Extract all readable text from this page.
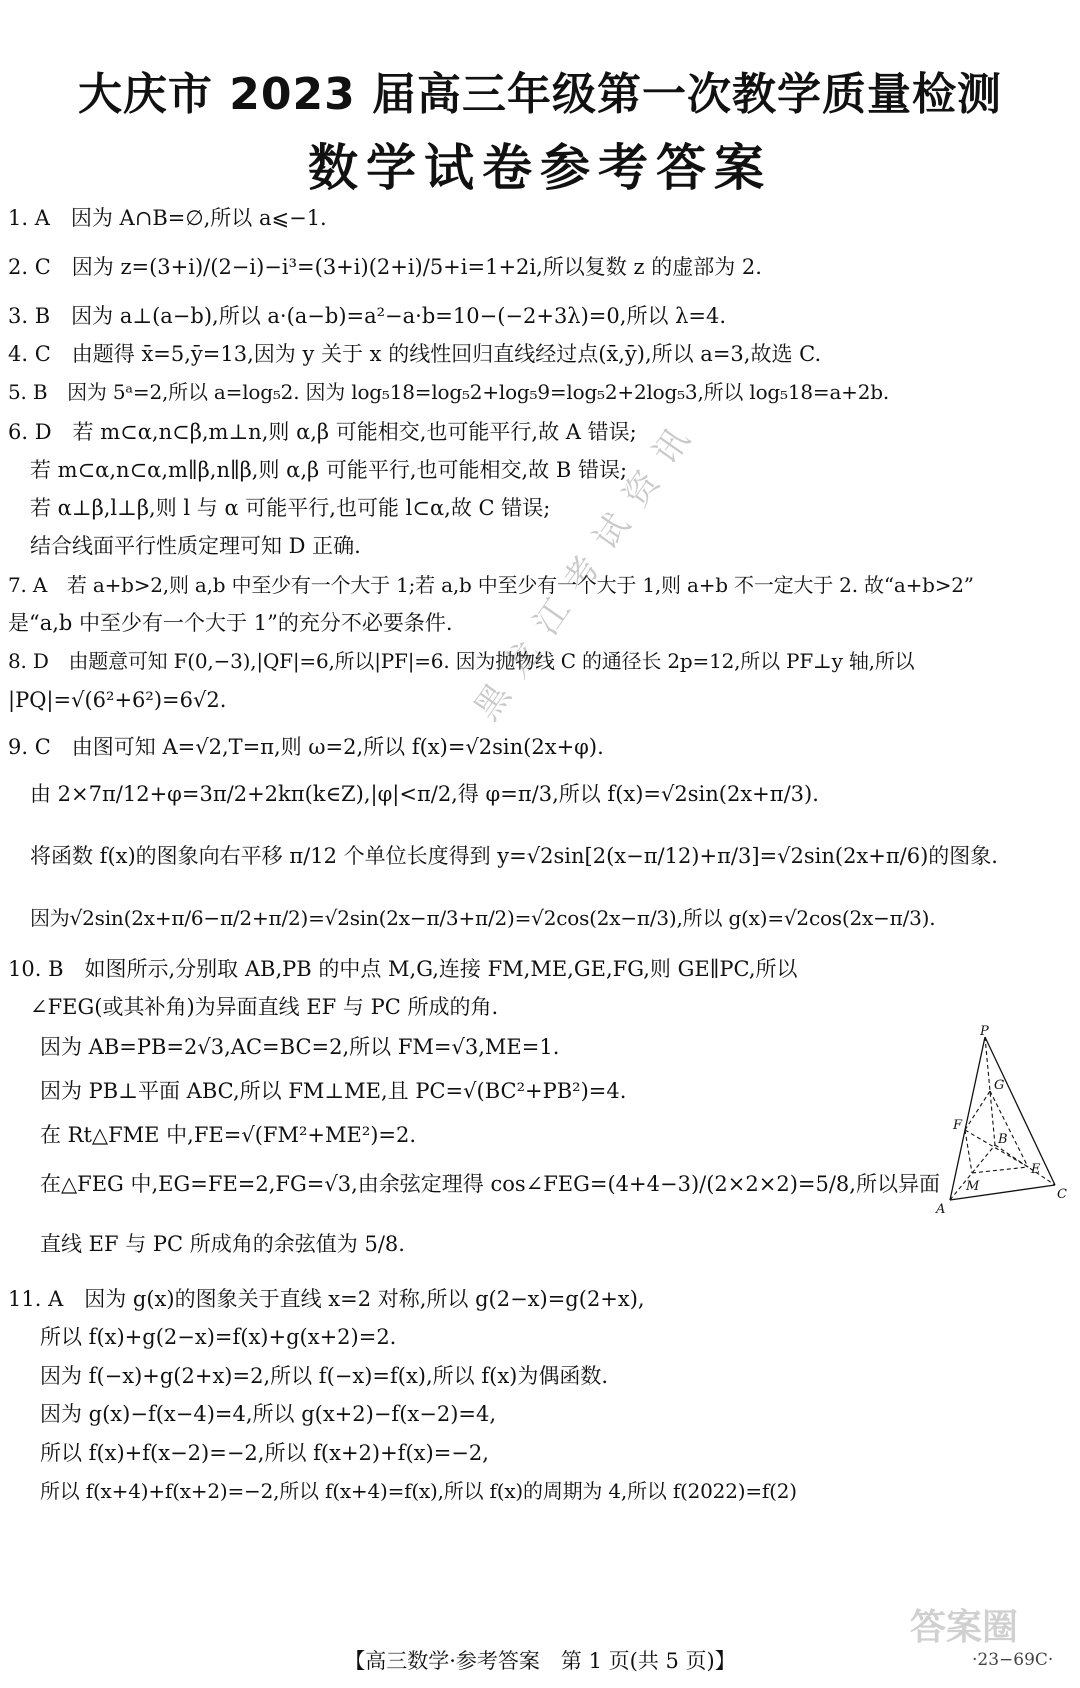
大庆市 2023 届高三年级第一次教学质量检测
数学试卷参考答案
黑龙江考试资讯
1. A　因为 A∩B=∅,所以 a⩽−1.
2. C　因为 z=(3+i)/(2−i)−i³=(3+i)(2+i)/5+i=1+2i,所以复数 z 的虚部为 2.
3. B　因为 a⊥(a−b),所以 a·(a−b)=a²−a·b=10−(−2+3λ)=0,所以 λ=4.
4. C　由题得 x̄=5,ȳ=13,因为 y 关于 x 的线性回归直线经过点(x̄,ȳ),所以 a=3,故选 C.
5. B　因为 5ᵃ=2,所以 a=log₅2. 因为 log₅18=log₅2+log₅9=log₅2+2log₅3,所以 log₅18=a+2b.
6. D　若 m⊂α,n⊂β,m⊥n,则 α,β 可能相交,也可能平行,故 A 错误;
若 m⊂α,n⊂α,m∥β,n∥β,则 α,β 可能平行,也可能相交,故 B 错误;
若 α⊥β,l⊥β,则 l 与 α 可能平行,也可能 l⊂α,故 C 错误;
结合线面平行性质定理可知 D 正确.
7. A　若 a+b>2,则 a,b 中至少有一个大于 1;若 a,b 中至少有一个大于 1,则 a+b 不一定大于 2. 故“a+b>2”
是“a,b 中至少有一个大于 1”的充分不必要条件.
8. D　由题意可知 F(0,−3),|QF|=6,所以|PF|=6. 因为抛物线 C 的通径长 2p=12,所以 PF⊥y 轴,所以
|PQ|=√(6²+6²)=6√2.
9. C　由图可知 A=√2,T=π,则 ω=2,所以 f(x)=√2sin(2x+φ).
由 2×7π/12+φ=3π/2+2kπ(k∈Z),|φ|<π/2,得 φ=π/3,所以 f(x)=√2sin(2x+π/3).
将函数 f(x)的图象向右平移 π/12 个单位长度得到 y=√2sin[2(x−π/12)+π/3]=√2sin(2x+π/6)的图象.
因为√2sin(2x+π/6−π/2+π/2)=√2sin(2x−π/3+π/2)=√2cos(2x−π/3),所以 g(x)=√2cos(2x−π/3).
10. B　如图所示,分别取 AB,PB 的中点 M,G,连接 FM,ME,GE,FG,则 GE∥PC,所以
∠FEG(或其补角)为异面直线 EF 与 PC 所成的角.
因为 AB=PB=2√3,AC=BC=2,所以 FM=√3,ME=1.
因为 PB⊥平面 ABC,所以 FM⊥ME,且 PC=√(BC²+PB²)=4.
在 Rt△FME 中,FE=√(FM²+ME²)=2.
在△FEG 中,EG=FE=2,FG=√3,由余弦定理得 cos∠FEG=(4+4−3)/(2×2×2)=5/8,所以异面
直线 EF 与 PC 所成角的余弦值为 5/8.
11. A　因为 g(x)的图象关于直线 x=2 对称,所以 g(2−x)=g(2+x),
所以 f(x)+g(2−x)=f(x)+g(x+2)=2.
因为 f(−x)+g(2+x)=2,所以 f(−x)=f(x),所以 f(x)为偶函数.
因为 g(x)−f(x−4)=4,所以 g(x+2)−f(x−2)=4,
所以 f(x)+f(x−2)=−2,所以 f(x+2)+f(x)=−2,
所以 f(x+4)+f(x+2)=−2,所以 f(x+4)=f(x),所以 f(x)的周期为 4,所以 f(2022)=f(2)
P
G
F
B
E
M
A
C
答案圈
【高三数学·参考答案　第 1 页(共 5 页)】	·23−69C·
